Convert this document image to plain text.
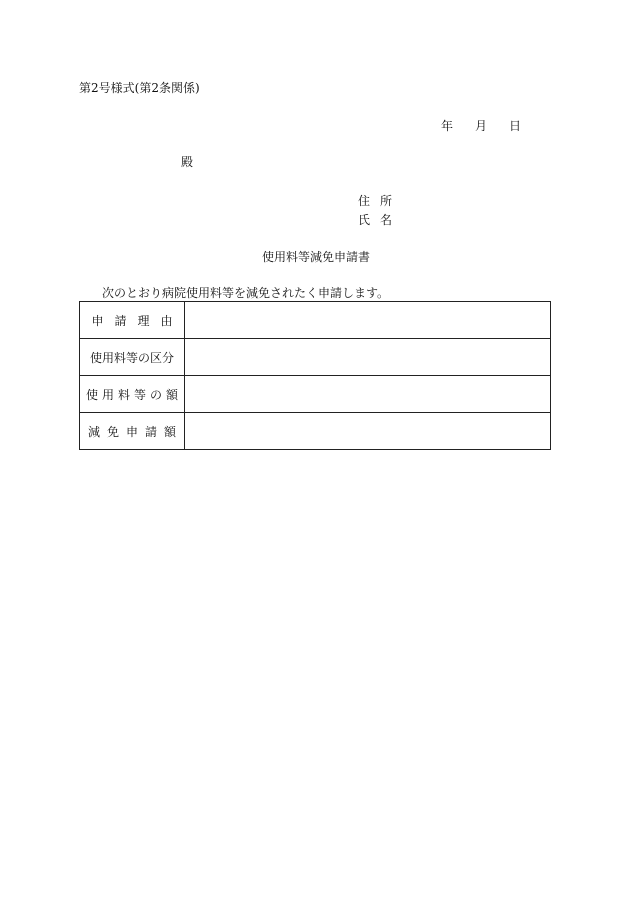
第2号様式(第2条関係)
年 月 日
殿
住所
氏名
使用料等減免申請書
次のとおり病院使用料等を減免されたく申請します。
申請理由	
使用料等の区分	
使用料等の額	
減免申請額	
